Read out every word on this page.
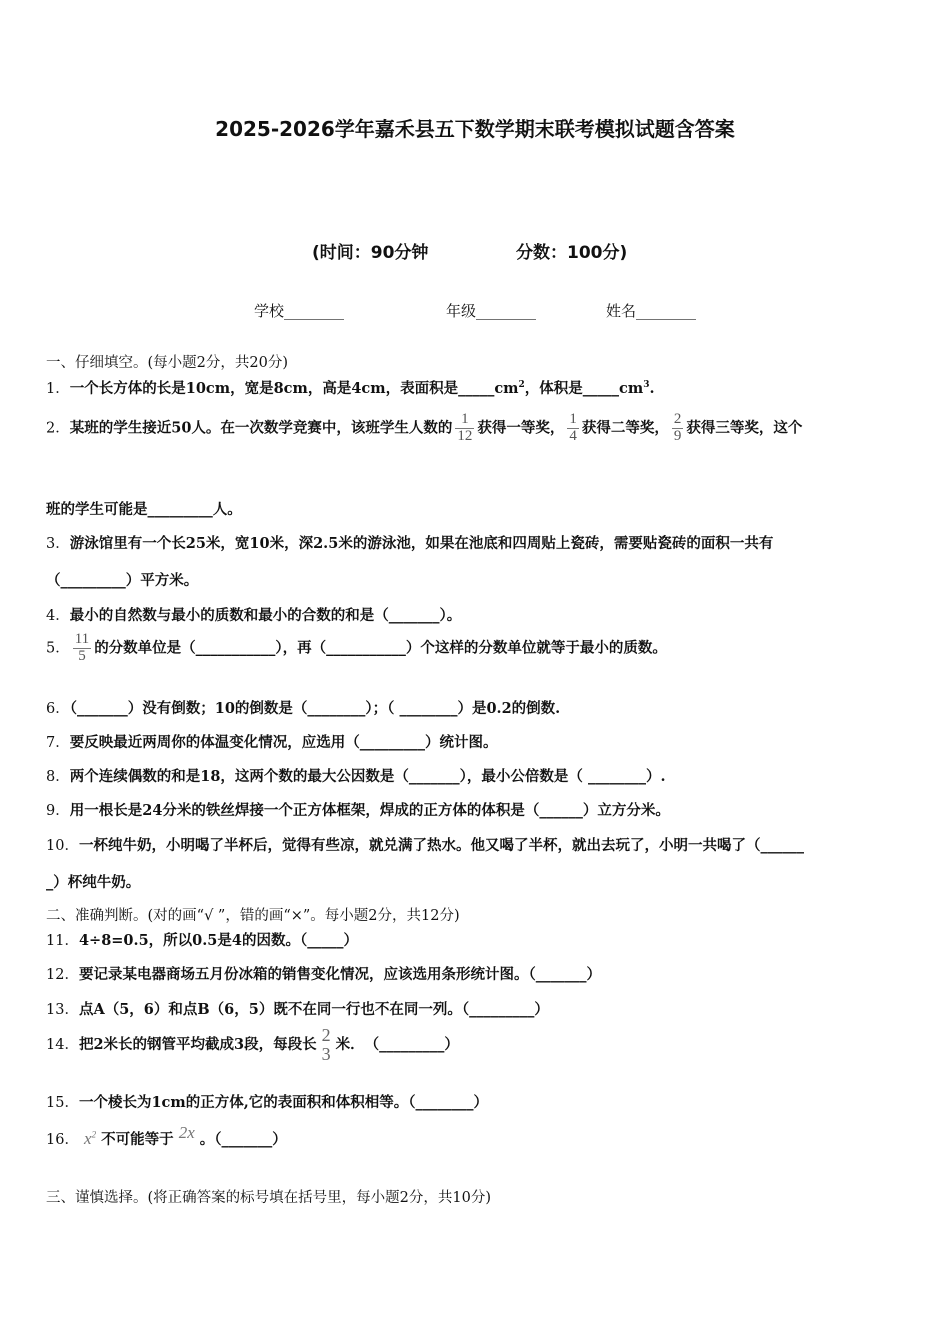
2025-2026学年嘉禾县五下数学期末联考模拟试题含答案
(时间：90分钟	分数：100分)
学校________	年级________	姓名________
一、仔细填空。(每小题2分，共20分)
1．一个长方体的长是10cm，宽是8cm，高是4cm，表面积是$\_\_\_\_\_cm^2$，体积是$\_\_\_\_\_cm^3$.
2．某班的学生接近50人。在一次数学竞赛中，该班学生人数的 $\frac{1}{12}$ 获得一等奖， $\frac{1}{4}$ 获得二等奖， $\frac{2}{9}$ 获得三等奖，这个
班的学生可能是_________人。
3．游泳馆里有一个长25米，宽10米，深2.5米的游泳池，如果在池底和四周贴上瓷砖，需要贴瓷砖的面积一共有
（_________）平方米。
4．最小的自然数与最小的质数和最小的合数的和是（_______）。
5． $\frac{11}{5}$ 的分数单位是（___________），再（___________）个这样的分数单位就等于最小的质数。
6．（_______）没有倒数；10的倒数是（________）；（ ________）是0.2的倒数.
7．要反映最近两周你的体温变化情况，应选用（_________）统计图。
8．两个连续偶数的和是18，这两个数的最大公因数是（_______），最小公倍数是（ ________）.
9．用一根长是24分米的铁丝焊接一个正方体框架，焊成的正方体的体积是（______）立方分米。
10．一杯纯牛奶，小明喝了半杯后，觉得有些凉，就兑满了热水。他又喝了半杯，就出去玩了，小明一共喝了（______
_）杯纯牛奶。
二、准确判断。(对的画“√ ”，错的画“×”。每小题2分，共12分)
11．4÷8=0.5，所以0.5是4的因数。（_____）
12．要记录某电器商场五月份冰箱的销售变化情况，应该选用条形统计图。（_______）
13．点A（5，6）和点B（6，5）既不在同一行也不在同一列。（_________）
14．把2米长的钢管平均截成3段，每段长 2
3 米．　（_________）
15．一个棱长为1cm的正方体,它的表面积和体积相等。（________）
16． $x^2$ 不可能等于 2x 。（_______）
三、谨慎选择。(将正确答案的标号填在括号里，每小题2分，共10分)
